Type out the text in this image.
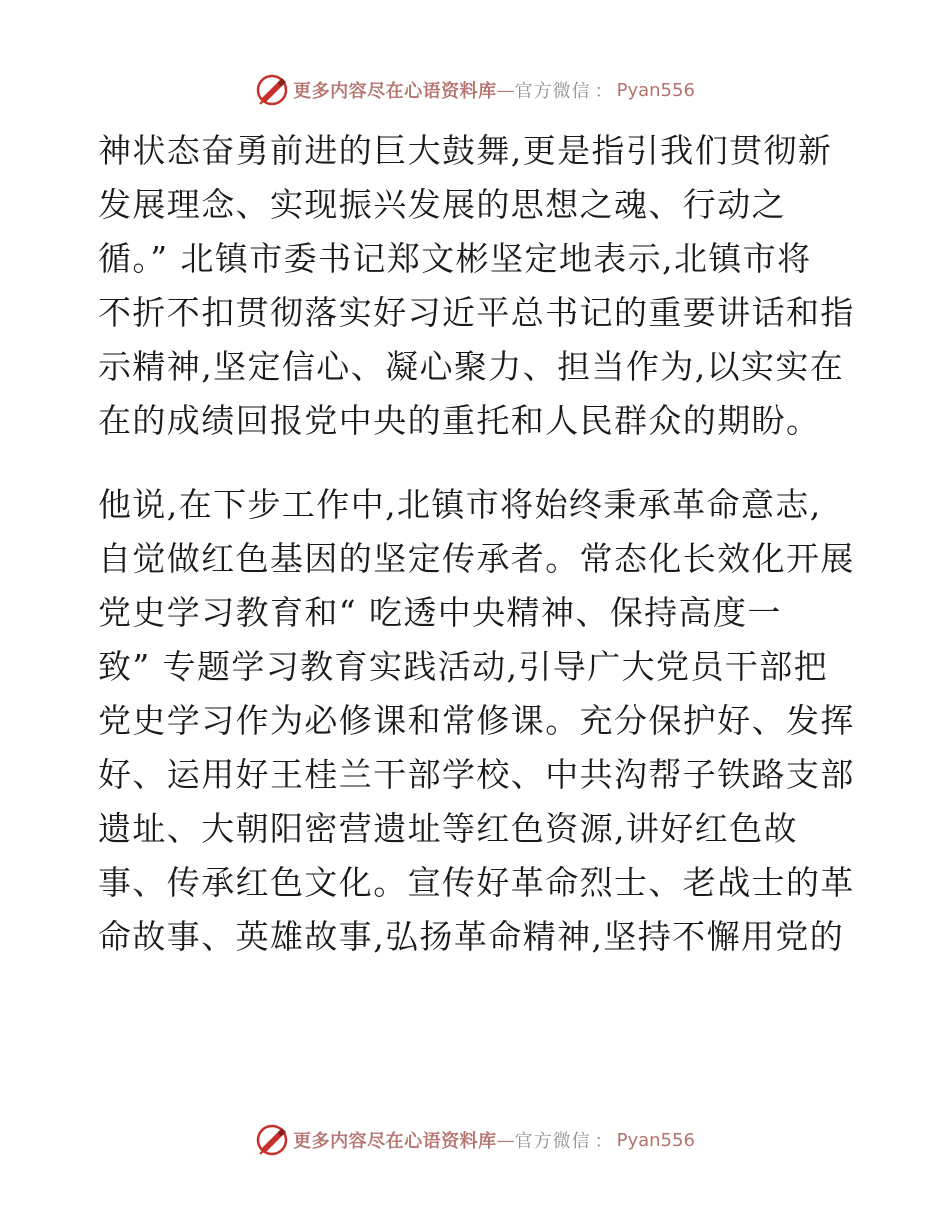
更多内容尽在心语资料库 — 官方微信 ： Pyan556
神状态奋勇前进的巨大鼓舞,更是指引我们贯彻新
发展理念、实现振兴发展的思想之魂、行动之
循。” 北镇市委书记郑文彬坚定地表示,北镇市将
不折不扣贯彻落实好习近平总书记的重要讲话和指
示精神,坚定信心、凝心聚力、担当作为,以实实在
在的成绩回报党中央的重托和人民群众的期盼。
他说,在下步工作中,北镇市将始终秉承革命意志,
自觉做红色基因的坚定传承者。常态化长效化开展
党史学习教育和“ 吃透中央精神、保持高度一
致” 专题学习教育实践活动,引导广大党员干部把
党史学习作为必修课和常修课。充分保护好、发挥
好、运用好王桂兰干部学校、中共沟帮子铁路支部
遗址、大朝阳密营遗址等红色资源,讲好红色故
事、传承红色文化。宣传好革命烈士、老战士的革
命故事、英雄故事,弘扬革命精神,坚持不懈用党的
更多内容尽在心语资料库 — 官方微信 ： Pyan556
